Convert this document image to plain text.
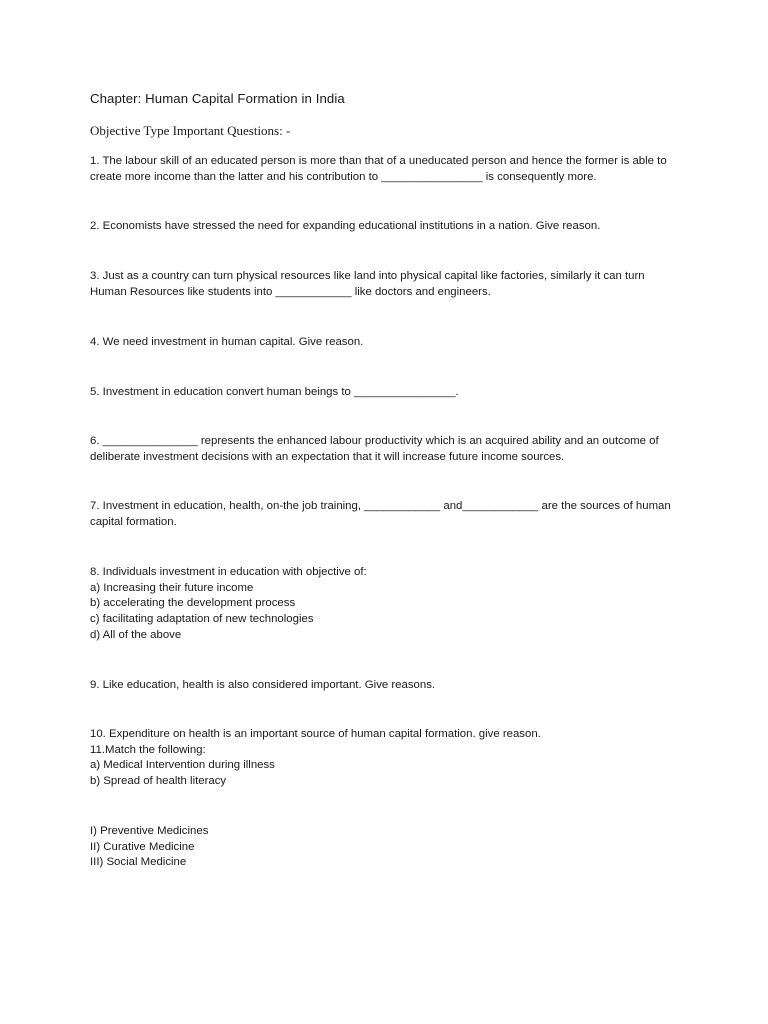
Chapter: Human Capital Formation in India
Objective Type Important Questions: -
1. The labour skill of an educated person is more than that of a uneducated person and hence the former is able to
create more income than the latter and his contribution to ________________ is consequently more.
2. Economists have stressed the need for expanding educational institutions in a nation. Give reason.
3. Just as a country can turn physical resources like land into physical capital like factories, similarly it can turn
Human Resources like students into ____________ like doctors and engineers.
4. We need investment in human capital. Give reason.
5. Investment in education convert human beings to ________________.
6. _______________ represents the enhanced labour productivity which is an acquired ability and an outcome of
deliberate investment decisions with an expectation that it will increase future income sources.
7. Investment in education, health, on-the job training, ____________ and____________ are the sources of human
capital formation.
8. Individuals investment in education with objective of:
a) Increasing their future income
b) accelerating the development process
c) facilitating adaptation of new technologies
d) All of the above
9. Like education, health is also considered important. Give reasons.
10. Expenditure on health is an important source of human capital formation. give reason.
11.Match the following:
a) Medical Intervention during illness
b) Spread of health literacy
I) Preventive Medicines
II) Curative Medicine
III) Social Medicine
